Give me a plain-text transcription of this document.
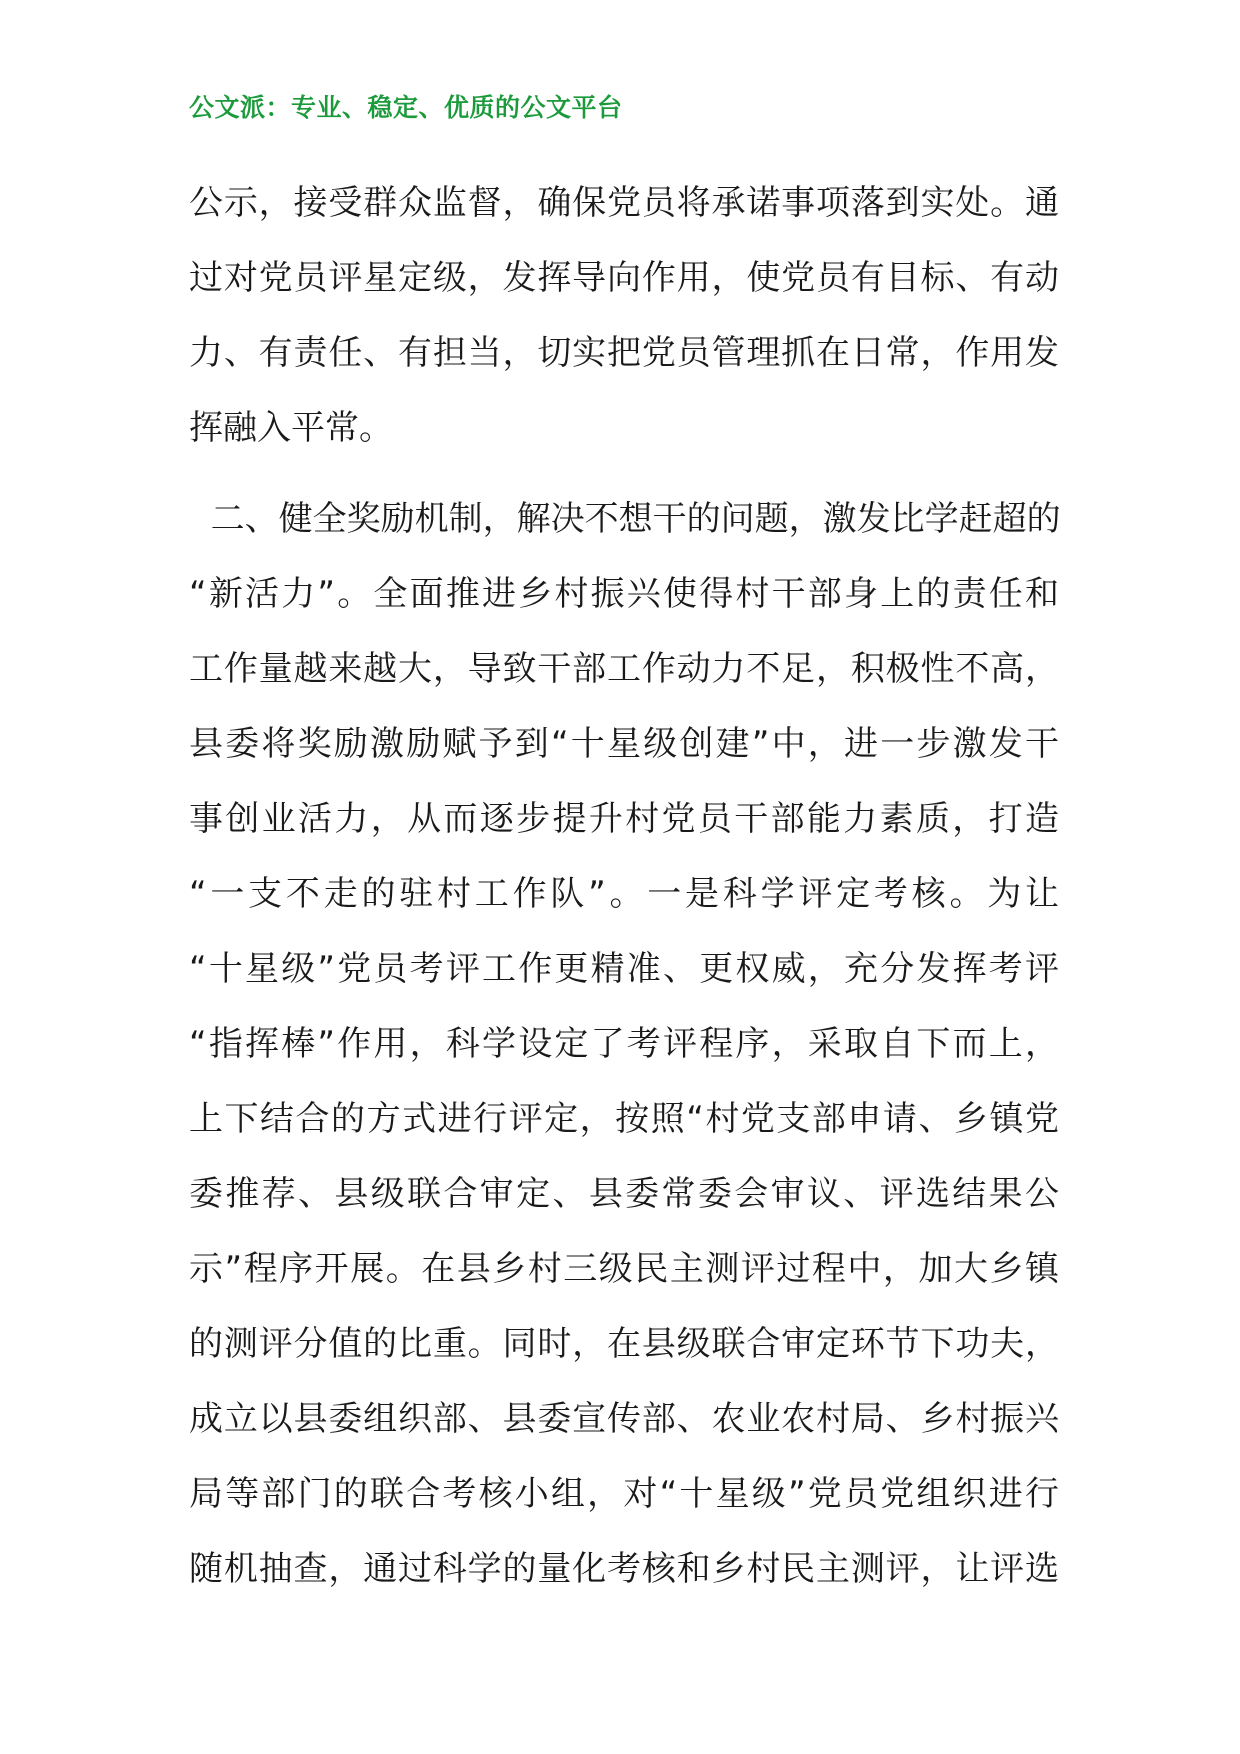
公文派：专业、稳定、优质的公文平台
公示，接受群众监督，确保党员将承诺事项落到实处。通
过对党员评星定级，发挥导向作用，使党员有目标、有动
力、有责任、有担当，切实把党员管理抓在日常，作用发
挥融入平常。
二、健全奖励机制，解决不想干的问题，激发比学赶超的
“新活力”。全面推进乡村振兴使得村干部身上的责任和
工作量越来越大，导致干部工作动力不足，积极性不高，
县委将奖励激励赋予到“十星级创建”中，进一步激发干
事创业活力，从而逐步提升村党员干部能力素质，打造
“一支不走的驻村工作队”。一是科学评定考核。为让
“十星级”党员考评工作更精准、更权威，充分发挥考评
“指挥棒”作用，科学设定了考评程序，采取自下而上，
上下结合的方式进行评定，按照“村党支部申请、乡镇党
委推荐、县级联合审定、县委常委会审议、评选结果公
示”程序开展。在县乡村三级民主测评过程中，加大乡镇
的测评分值的比重。同时，在县级联合审定环节下功夫，
成立以县委组织部、县委宣传部、农业农村局、乡村振兴
局等部门的联合考核小组，对“十星级”党员党组织进行
随机抽查，通过科学的量化考核和乡村民主测评，让评选
